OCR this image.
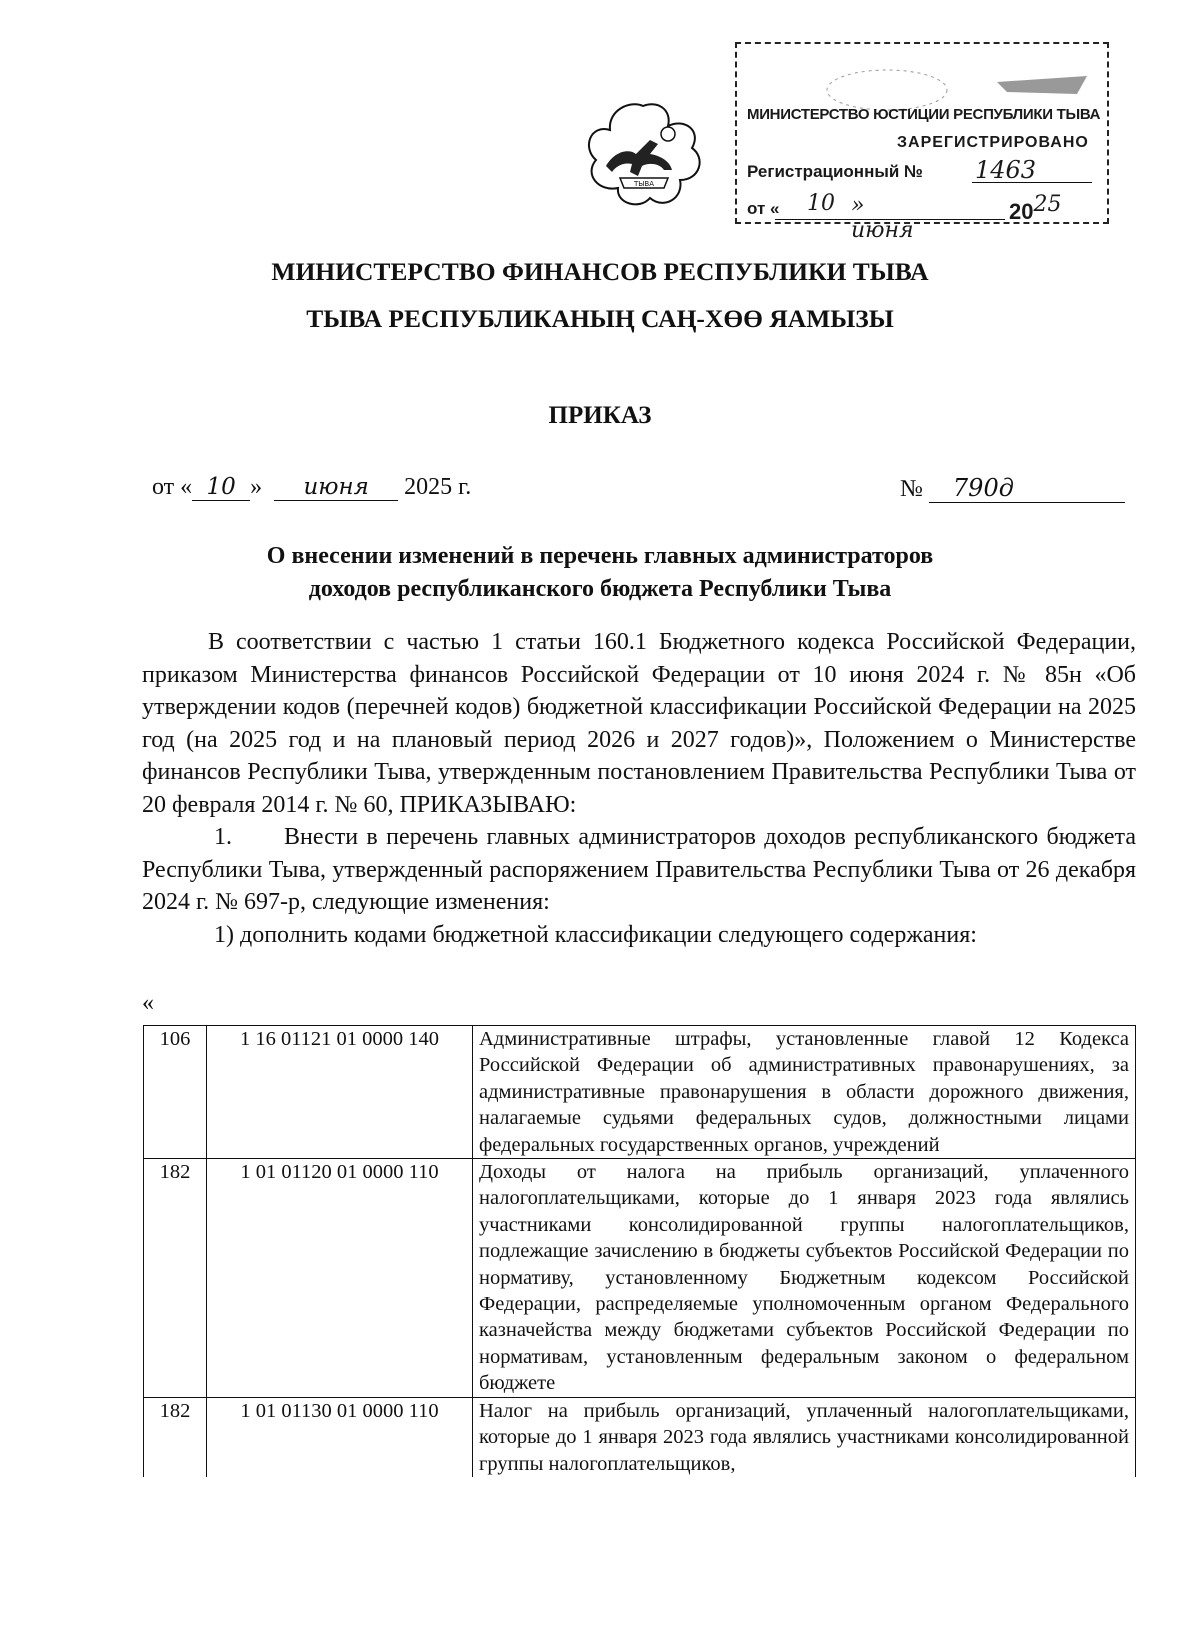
ТЫВА
МИНИСТЕРСТВО ЮСТИЦИИ РЕСПУБЛИКИ ТЫВА
ЗАРЕГИСТРИРОВАНО
Регистрационный № 1463
от « 10 » июня
2025
МИНИСТЕРСТВО ФИНАНСОВ РЕСПУБЛИКИ ТЫВА
ТЫВА РЕСПУБЛИКАНЫҢ САҢ-ХӨӨ ЯАМЫЗЫ
ПРИКАЗ
от « 10 » июня 2025 г.	№ 790д
О внесении изменений в перечень главных администраторов
доходов республиканского бюджета Республики Тыва

В соответствии с частью 1 статьи 160.1 Бюджетного кодекса Российской Федерации, приказом Министерства финансов Российской Федерации от 10 июня 2024 г. № 85н «Об утверждении кодов (перечней кодов) бюджетной классификации Российской Федерации на 2025 год (на 2025 год и на плановый период 2026 и 2027 годов)», Положением о Министерстве финансов Республики Тыва, утвержденным постановлением Правительства Республики Тыва от 20 февраля 2014 г. № 60, ПРИКАЗЫВАЮ:

1. Внести в перечень главных администраторов доходов республиканского бюджета Республики Тыва, утвержденный распоряжением Правительства Республики Тыва от 26 декабря 2024 г. № 697-р, следующие изменения:

1) дополнить кодами бюджетной классификации следующего содержания:

«
106	1 16 01121 01 0000 140	Административные штрафы, установленные главой 12 Кодекса Российской Федерации об административных правонарушениях, за административные правонарушения в области дорожного движения, налагаемые судьями федеральных судов, должностными лицами федеральных государственных органов, учреждений
182	1 01 01120 01 0000 110	Доходы от налога на прибыль организаций, уплаченного налогоплательщиками, которые до 1 января 2023 года являлись участниками консолидированной группы налогоплательщиков, подлежащие зачислению в бюджеты субъектов Российской Федерации по нормативу, установленному Бюджетным кодексом Российской Федерации, распределяемые уполномоченным органом Федерального казначейства между бюджетами субъектов Российской Федерации по нормативам, установленным федеральным законом о федеральном бюджете
182	1 01 01130 01 0000 110	Налог на прибыль организаций, уплаченный налогоплательщиками, которые до 1 января 2023 года являлись участниками консолидированной группы налогоплательщиков,
